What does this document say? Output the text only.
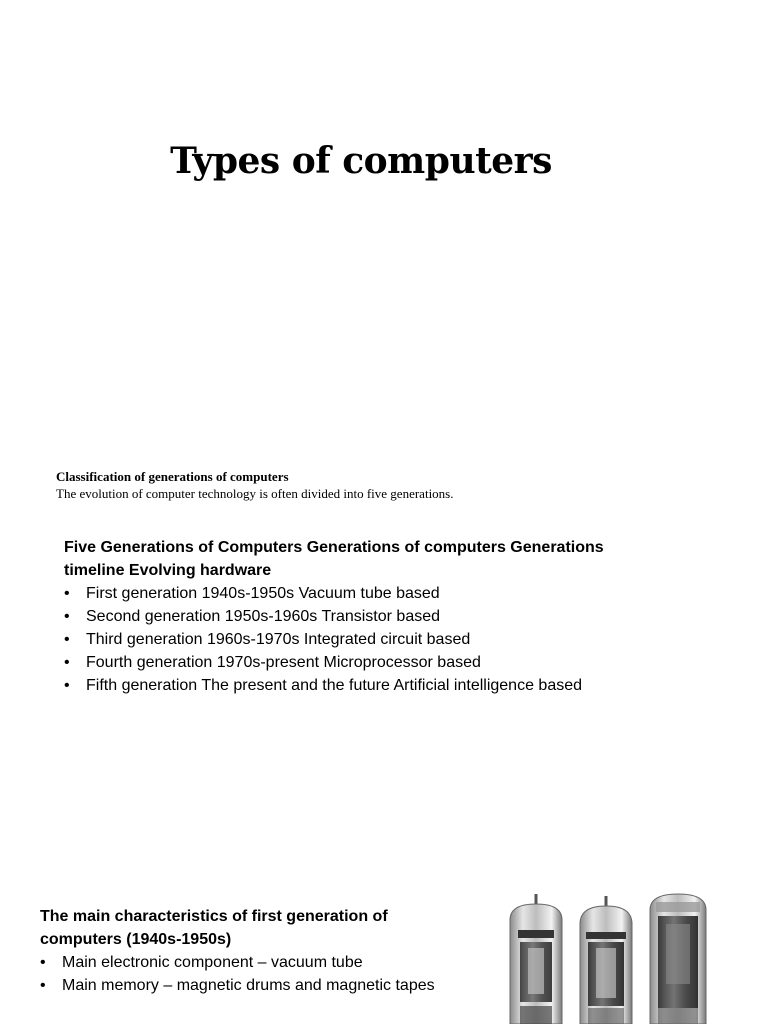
Types of computers
Classification of generations of computers
The evolution of computer technology is often divided into five generations.
Five Generations of Computers Generations of computers Generations timeline Evolving hardware
• First generation 1940s-1950s Vacuum tube based
• Second generation 1950s-1960s Transistor based
• Third generation 1960s-1970s Integrated circuit based
• Fourth generation 1970s-present Microprocessor based
• Fifth generation The present and the future Artificial intelligence based
The main characteristics of first generation of computers (1940s-1950s)
• Main electronic component – vacuum tube
• Main memory – magnetic drums and magnetic tapes
